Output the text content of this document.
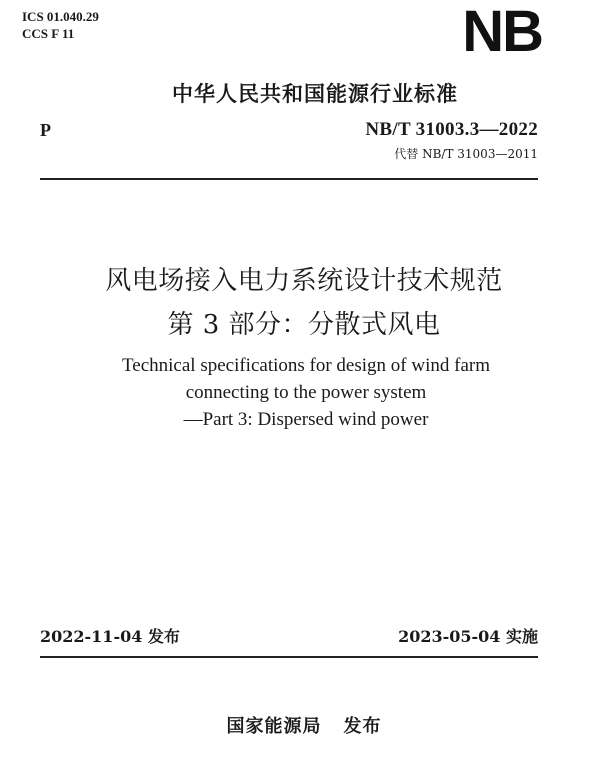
ICS 01.040.29
CCS F 11	NB
中华人民共和国能源行业标准
P	NB/T 31003.3—2022
代替 NB/T 31003—2011
风电场接入电力系统设计技术规范
第 3 部分：分散式风电
Technical specifications for design of wind farm
connecting to the power system
—Part 3: Dispersed wind power
2022-11-04 发布	2023-05-04 实施
国家能源局 发布
